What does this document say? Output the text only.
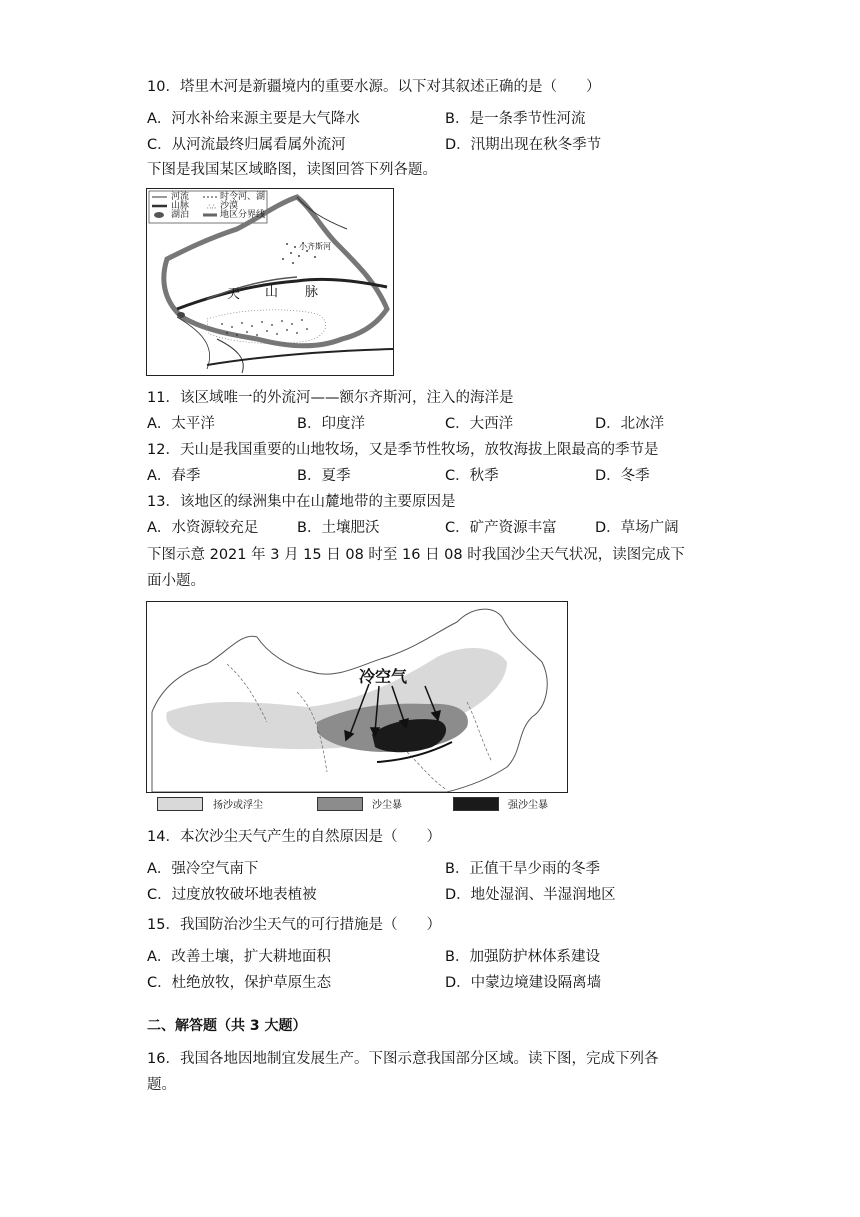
10．塔里木河是新疆境内的重要水源。以下对其叙述正确的是（　　）
A．河水补给来源主要是大气降水	B．是一条季节性河流
C．从河流最终归属看属外流河	D．汛期出现在秋冬季节
下图是我国某区域略图，读图回答下列各题。
∴∴
河流
山脉
湖泊
时令河、湖
沙漠
地区分界线
小齐斯河
天 山 脉
11．该区域唯一的外流河——额尔齐斯河，注入的海洋是
A．太平洋	B．印度洋	C．大西洋	D．北冰洋
12．天山是我国重要的山地牧场，又是季节性牧场，放牧海拔上限最高的季节是
A．春季	B．夏季	C．秋季	D．冬季
13．该地区的绿洲集中在山麓地带的主要原因是
A．水资源较充足	B．土壤肥沃	C．矿产资源丰富	D．草场广阔
下图示意 2021 年 3 月 15 日 08 时至 16 日 08 时我国沙尘天气状况，读图完成下
面小题。
冷空气
扬沙或浮尘	沙尘暴	强沙尘暴
14．本次沙尘天气产生的自然原因是（　　）
A．强冷空气南下	B．正值干旱少雨的冬季
C．过度放牧破坏地表植被	D．地处湿润、半湿润地区
15．我国防治沙尘天气的可行措施是（　　）
A．改善土壤，扩大耕地面积	B．加强防护林体系建设
C．杜绝放牧，保护草原生态	D．中蒙边境建设隔离墙
二、解答题（共 3 大题）
16．我国各地因地制宜发展生产。下图示意我国部分区域。读下图，完成下列各
题。
